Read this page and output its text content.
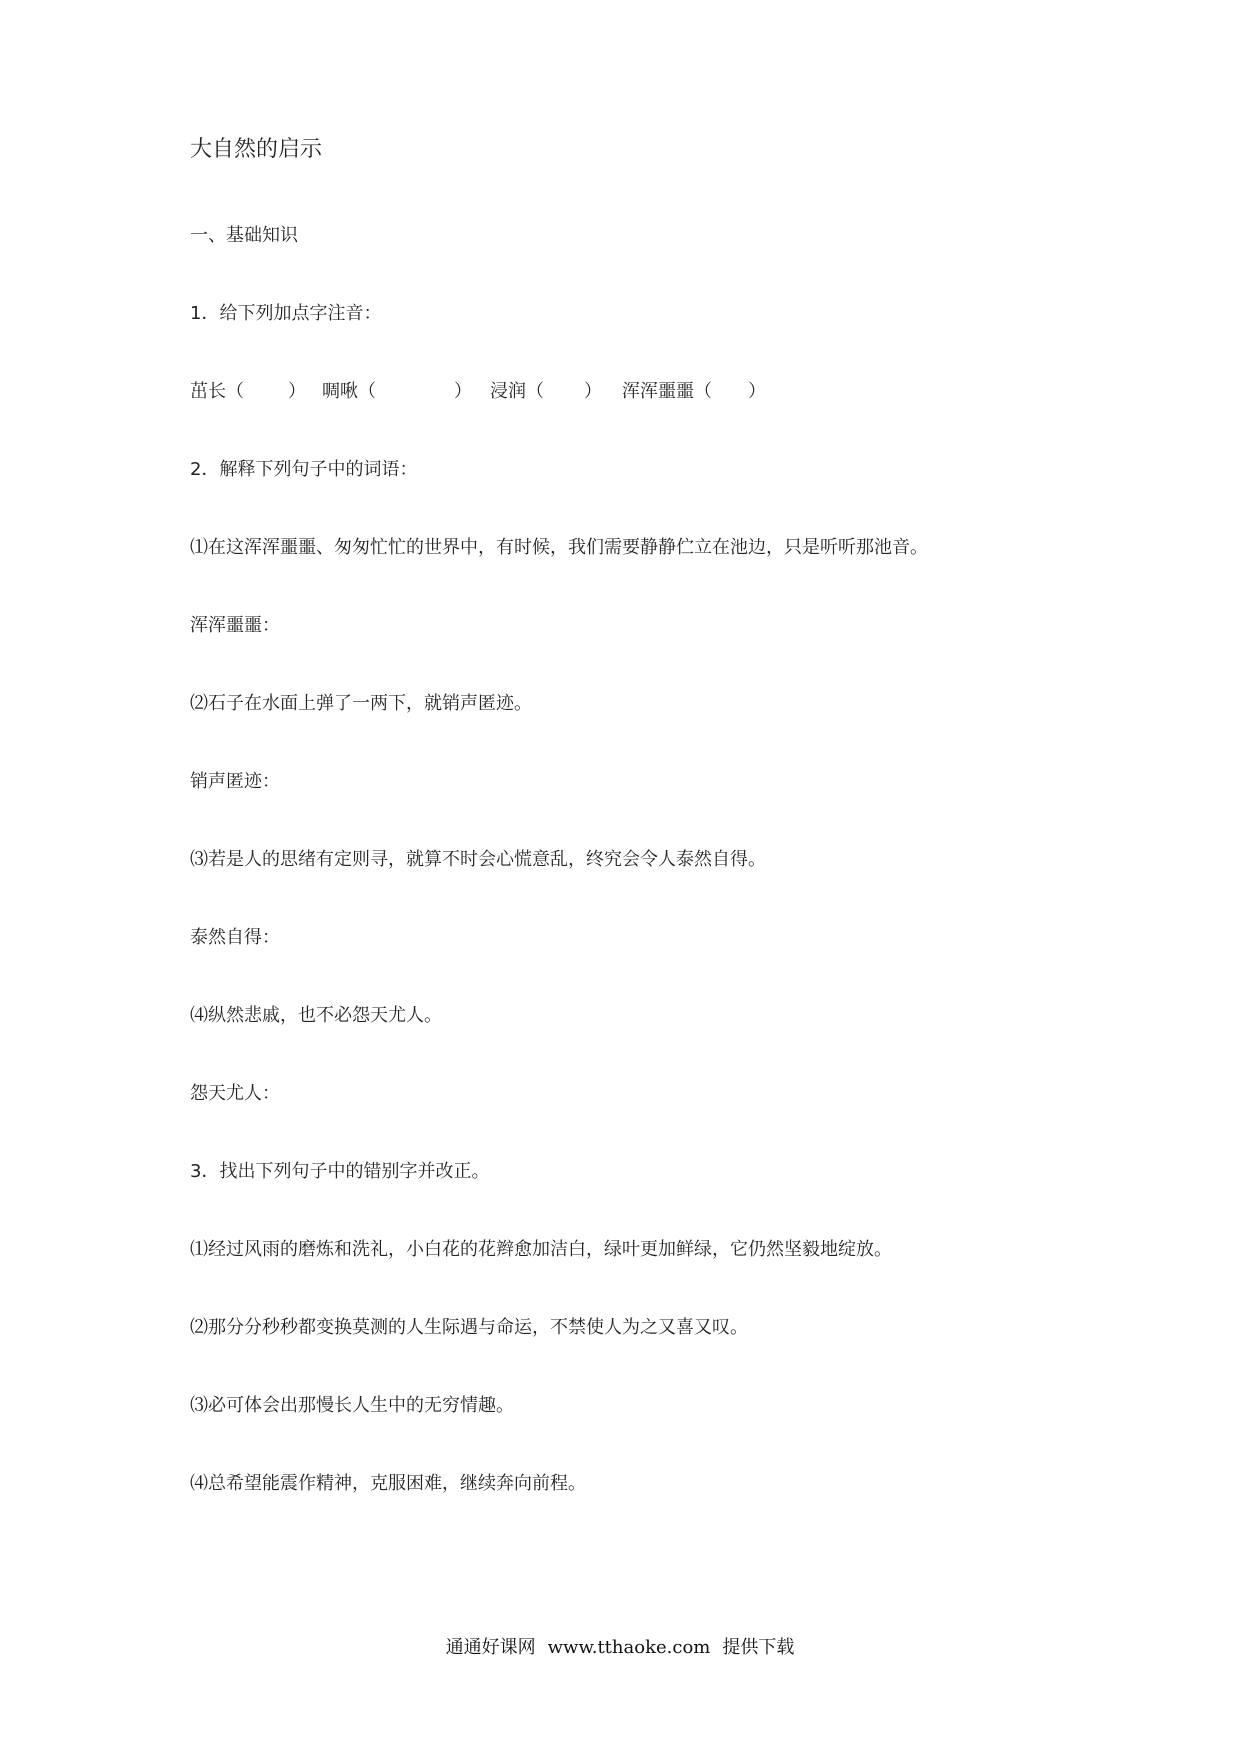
大自然的启示
一、基础知识
1．给下列加点字注音：
茁长（ ） 啁啾（	） 浸润（ ） 浑浑噩噩（ ）
2．解释下列句子中的词语：
⑴在这浑浑噩噩、匆匆忙忙的世界中，有时候，我们需要静静伫立在池边，只是听听那池音。
浑浑噩噩：
⑵石子在水面上弹了一两下，就销声匿迹。
销声匿迹：
⑶若是人的思绪有定则寻，就算不时会心慌意乱，终究会令人泰然自得。
泰然自得：
⑷纵然悲戚，也不必怨天尤人。
怨天尤人：
3．找出下列句子中的错别字并改正。
⑴经过风雨的磨炼和洗礼，小白花的花辫愈加洁白，绿叶更加鲜绿，它仍然坚毅地绽放。
⑵那分分秒秒都变换莫测的人生际遇与命运，不禁使人为之又喜又叹。
⑶必可体会出那慢长人生中的无穷情趣。
⑷总希望能震作精神，克服困难，继续奔向前程。
通通好课网 www.tthaoke.com 提供下载
